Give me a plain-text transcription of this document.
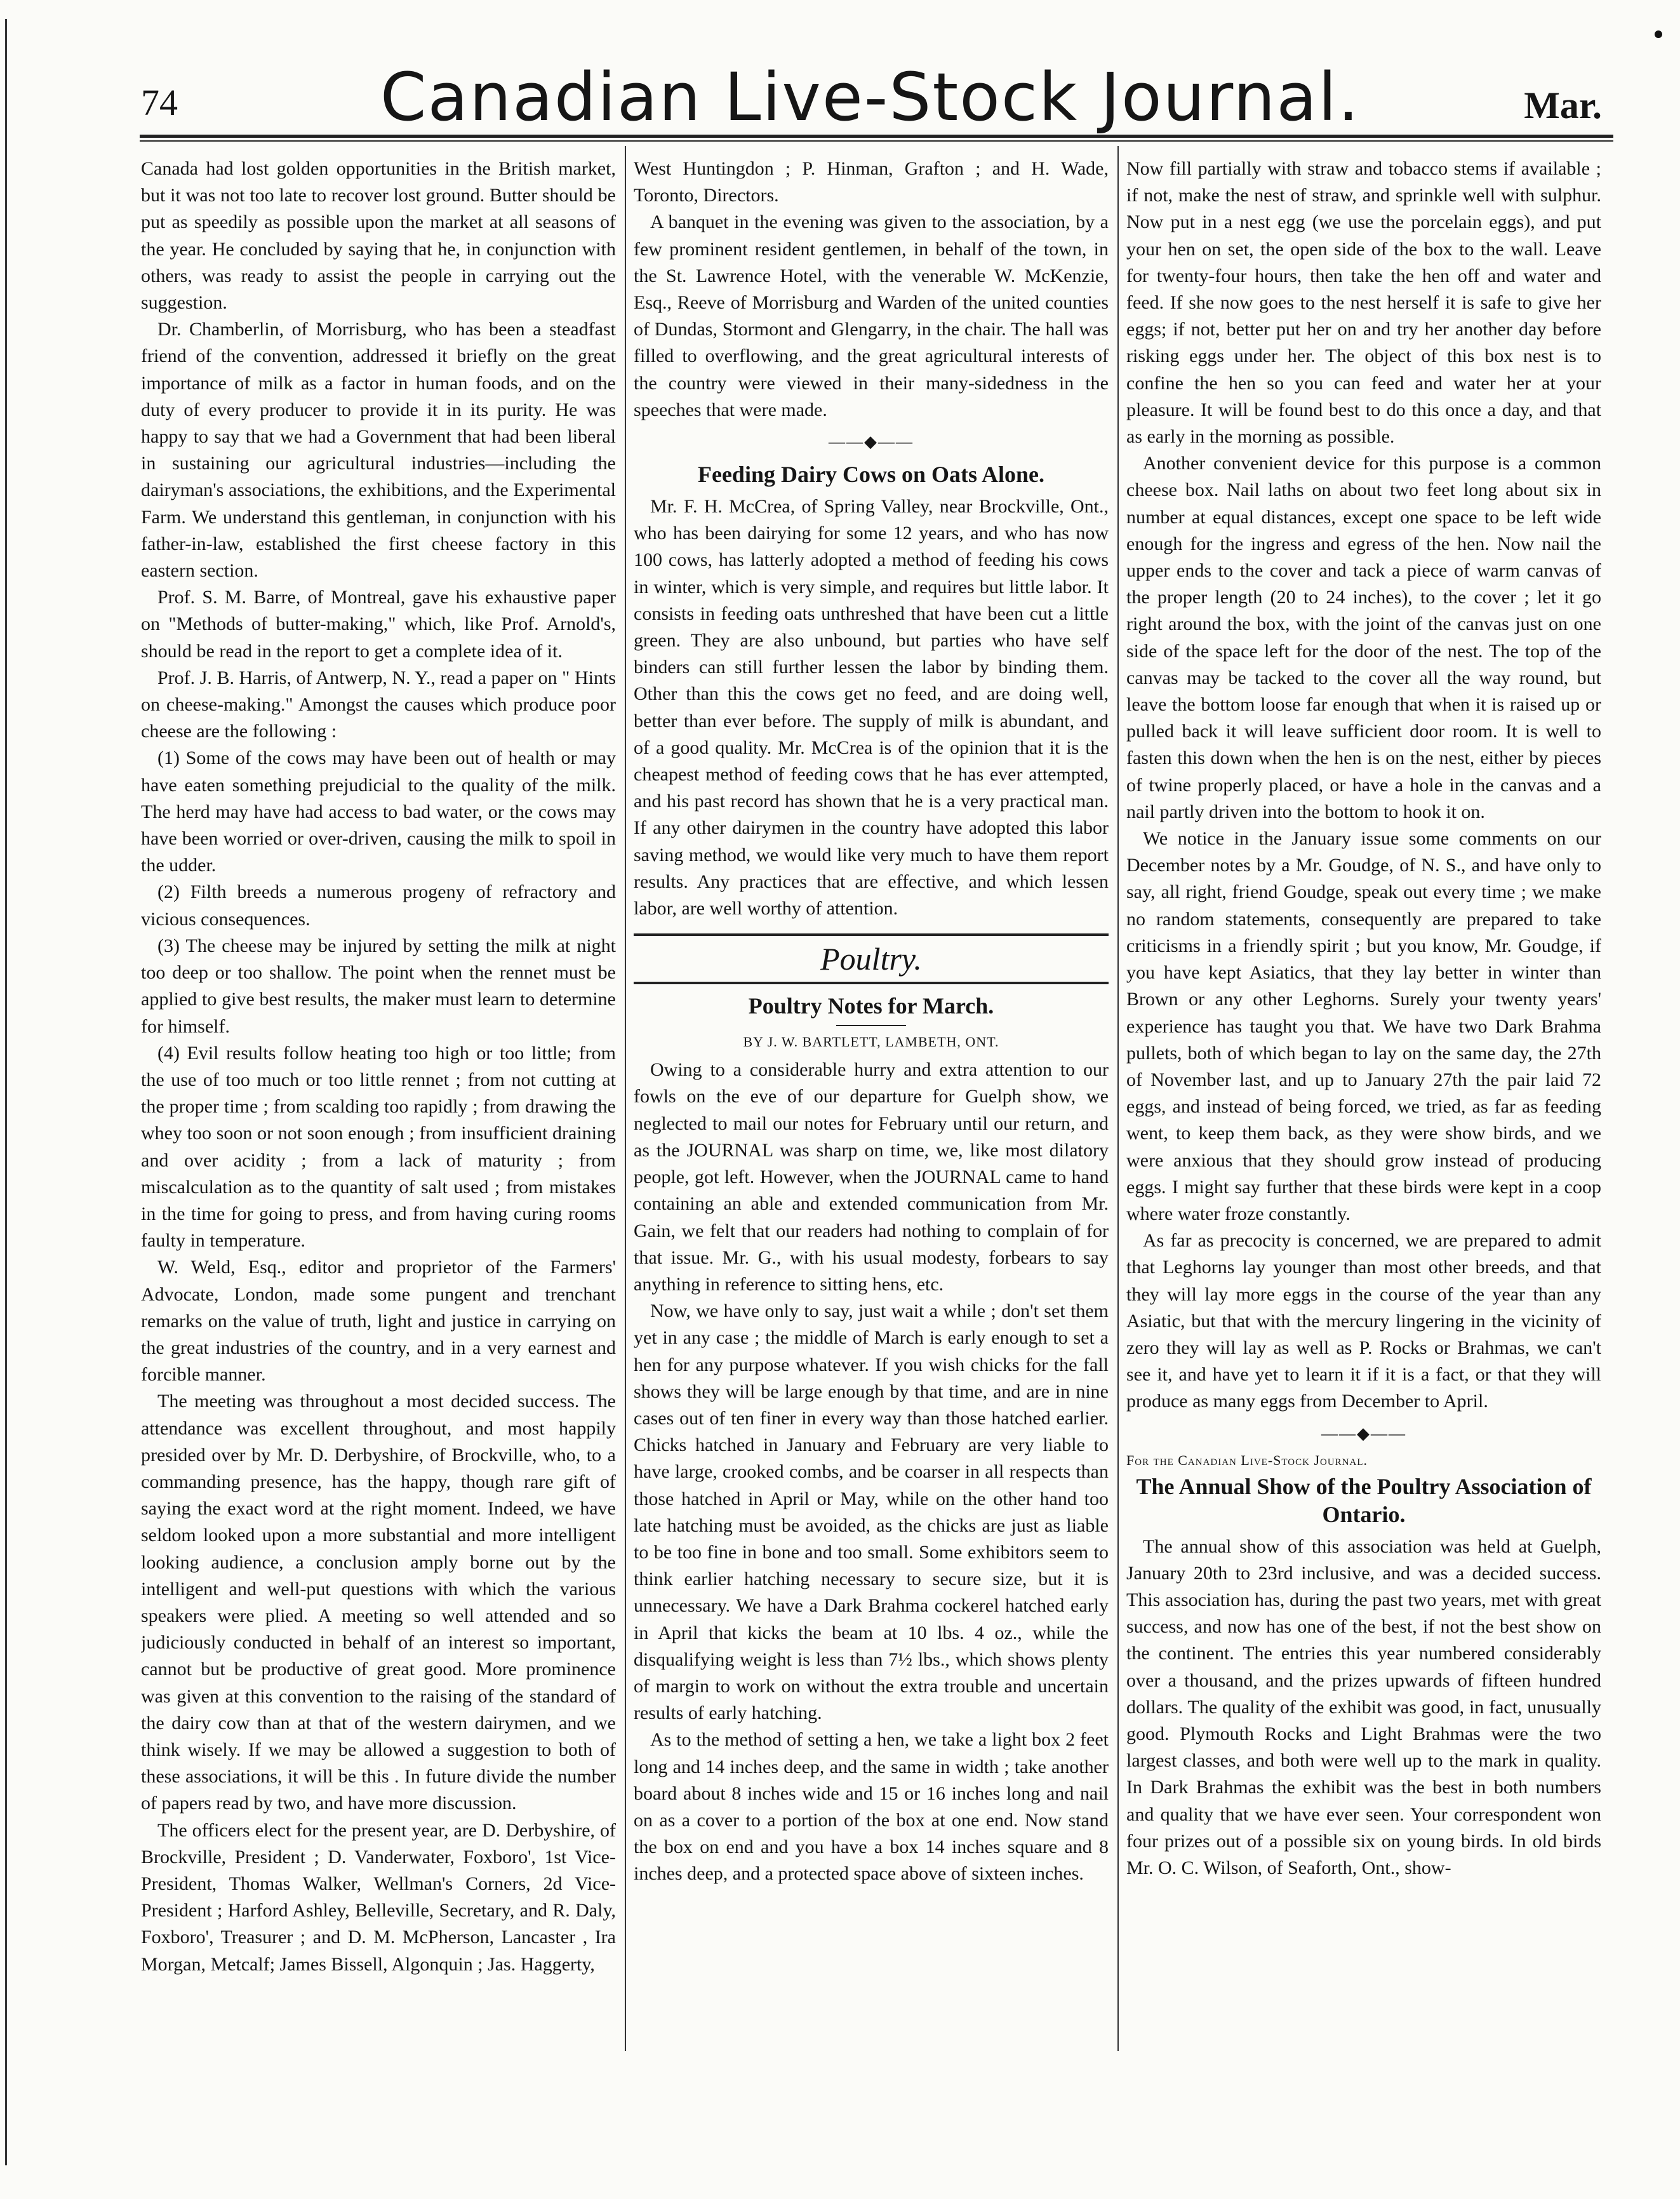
74	Canadian Live-Stock Journal.	Mar.

Canada had lost golden opportunities in the British market, but it was not too late to recover lost ground. Butter should be put as speedily as possible upon the market at all seasons of the year. He concluded by saying that he, in conjunction with others, was ready to assist the people in carrying out the suggestion.

Dr. Chamberlin, of Morrisburg, who has been a steadfast friend of the convention, addressed it briefly on the great importance of milk as a factor in human foods, and on the duty of every producer to provide it in its purity. He was happy to say that we had a Government that had been liberal in sustaining our agricultural industries—including the dairyman's associations, the exhibitions, and the Experimental Farm. We understand this gentleman, in conjunction with his father-in-law, established the first cheese factory in this eastern section.

Prof. S. M. Barre, of Montreal, gave his exhaustive paper on "Methods of butter-making," which, like Prof. Arnold's, should be read in the report to get a complete idea of it.

Prof. J. B. Harris, of Antwerp, N. Y., read a paper on " Hints on cheese-making." Amongst the causes which produce poor cheese are the following :

(1) Some of the cows may have been out of health or may have eaten something prejudicial to the quality of the milk. The herd may have had access to bad water, or the cows may have been worried or over-driven, causing the milk to spoil in the udder.

(2) Filth breeds a numerous progeny of refractory and vicious consequences.

(3) The cheese may be injured by setting the milk at night too deep or too shallow. The point when the rennet must be applied to give best results, the maker must learn to determine for himself.

(4) Evil results follow heating too high or too little; from the use of too much or too little rennet ; from not cutting at the proper time ; from scalding too rapidly ; from drawing the whey too soon or not soon enough ; from insufficient draining and over acidity ; from a lack of maturity ; from miscalculation as to the quantity of salt used ; from mistakes in the time for going to press, and from having curing rooms faulty in temperature.

W. Weld, Esq., editor and proprietor of the Farmers' Advocate, London, made some pungent and trenchant remarks on the value of truth, light and justice in carrying on the great industries of the country, and in a very earnest and forcible manner.

The meeting was throughout a most decided success. The attendance was excellent throughout, and most happily presided over by Mr. D. Derbyshire, of Brockville, who, to a commanding presence, has the happy, though rare gift of saying the exact word at the right moment. Indeed, we have seldom looked upon a more substantial and more intelligent looking audience, a conclusion amply borne out by the intelligent and well-put questions with which the various speakers were plied. A meeting so well attended and so judiciously conducted in behalf of an interest so important, cannot but be productive of great good. More prominence was given at this convention to the raising of the standard of the dairy cow than at that of the western dairymen, and we think wisely. If we may be allowed a suggestion to both of these associations, it will be this . In future divide the number of papers read by two, and have more discussion.

The officers elect for the present year, are D. Derbyshire, of Brockville, President ; D. Vanderwater, Foxboro', 1st Vice-President, Thomas Walker, Wellman's Corners, 2d Vice-President ; Harford Ashley, Belleville, Secretary, and R. Daly, Foxboro', Treasurer ; and D. M. McPherson, Lancaster , Ira Morgan, Metcalf; James Bissell, Algonquin ; Jas. Haggerty,

West Huntingdon ; P. Hinman, Grafton ; and H. Wade, Toronto, Directors.

A banquet in the evening was given to the association, by a few prominent resident gentlemen, in behalf of the town, in the St. Lawrence Hotel, with the venerable W. McKenzie, Esq., Reeve of Morrisburg and Warden of the united counties of Dundas, Stormont and Glengarry, in the chair. The hall was filled to overflowing, and the great agricultural interests of the country were viewed in their many-sidedness in the speeches that were made.

——◆——
Feeding Dairy Cows on Oats Alone.

Mr. F. H. McCrea, of Spring Valley, near Brockville, Ont., who has been dairying for some 12 years, and who has now 100 cows, has latterly adopted a method of feeding his cows in winter, which is very simple, and requires but little labor. It consists in feeding oats unthreshed that have been cut a little green. They are also unbound, but parties who have self binders can still further lessen the labor by binding them. Other than this the cows get no feed, and are doing well, better than ever before. The supply of milk is abundant, and of a good quality. Mr. McCrea is of the opinion that it is the cheapest method of feeding cows that he has ever attempted, and his past record has shown that he is a very practical man. If any other dairymen in the country have adopted this labor saving method, we would like very much to have them report results. Any practices that are effective, and which lessen labor, are well worthy of attention.

Poultry.
Poultry Notes for March.
BY J. W. BARTLETT, LAMBETH, ONT.

Owing to a considerable hurry and extra attention to our fowls on the eve of our departure for Guelph show, we neglected to mail our notes for February until our return, and as the JOURNAL was sharp on time, we, like most dilatory people, got left. However, when the JOURNAL came to hand containing an able and extended communication from Mr. Gain, we felt that our readers had nothing to complain of for that issue. Mr. G., with his usual modesty, forbears to say anything in reference to sitting hens, etc.

Now, we have only to say, just wait a while ; don't set them yet in any case ; the middle of March is early enough to set a hen for any purpose whatever. If you wish chicks for the fall shows they will be large enough by that time, and are in nine cases out of ten finer in every way than those hatched earlier. Chicks hatched in January and February are very liable to have large, crooked combs, and be coarser in all respects than those hatched in April or May, while on the other hand too late hatching must be avoided, as the chicks are just as liable to be too fine in bone and too small. Some exhibitors seem to think earlier hatching necessary to secure size, but it is unnecessary. We have a Dark Brahma cockerel hatched early in April that kicks the beam at 10 lbs. 4 oz., while the disqualifying weight is less than 7½ lbs., which shows plenty of margin to work on without the extra trouble and uncertain results of early hatching.

As to the method of setting a hen, we take a light box 2 feet long and 14 inches deep, and the same in width ; take another board about 8 inches wide and 15 or 16 inches long and nail on as a cover to a portion of the box at one end. Now stand the box on end and you have a box 14 inches square and 8 inches deep, and a protected space above of sixteen inches.

Now fill partially with straw and tobacco stems if available ; if not, make the nest of straw, and sprinkle well with sulphur. Now put in a nest egg (we use the porcelain eggs), and put your hen on set, the open side of the box to the wall. Leave for twenty-four hours, then take the hen off and water and feed. If she now goes to the nest herself it is safe to give her eggs; if not, better put her on and try her another day before risking eggs under her. The object of this box nest is to confine the hen so you can feed and water her at your pleasure. It will be found best to do this once a day, and that as early in the morning as possible.

Another convenient device for this purpose is a common cheese box. Nail laths on about two feet long about six in number at equal distances, except one space to be left wide enough for the ingress and egress of the hen. Now nail the upper ends to the cover and tack a piece of warm canvas of the proper length (20 to 24 inches), to the cover ; let it go right around the box, with the joint of the canvas just on one side of the space left for the door of the nest. The top of the canvas may be tacked to the cover all the way round, but leave the bottom loose far enough that when it is raised up or pulled back it will leave sufficient door room. It is well to fasten this down when the hen is on the nest, either by pieces of twine properly placed, or have a hole in the canvas and a nail partly driven into the bottom to hook it on.

We notice in the January issue some comments on our December notes by a Mr. Goudge, of N. S., and have only to say, all right, friend Goudge, speak out every time ; we make no random statements, consequently are prepared to take criticisms in a friendly spirit ; but you know, Mr. Goudge, if you have kept Asiatics, that they lay better in winter than Brown or any other Leghorns. Surely your twenty years' experience has taught you that. We have two Dark Brahma pullets, both of which began to lay on the same day, the 27th of November last, and up to January 27th the pair laid 72 eggs, and instead of being forced, we tried, as far as feeding went, to keep them back, as they were show birds, and we were anxious that they should grow instead of producing eggs. I might say further that these birds were kept in a coop where water froze constantly.

As far as precocity is concerned, we are prepared to admit that Leghorns lay younger than most other breeds, and that they will lay more eggs in the course of the year than any Asiatic, but that with the mercury lingering in the vicinity of zero they will lay as well as P. Rocks or Brahmas, we can't see it, and have yet to learn it if it is a fact, or that they will produce as many eggs from December to April.

——◆——
For the Canadian Live-Stock Journal.
The Annual Show of the Poultry Association of Ontario.

The annual show of this association was held at Guelph, January 20th to 23rd inclusive, and was a decided success. This association has, during the past two years, met with great success, and now has one of the best, if not the best show on the continent. The entries this year numbered considerably over a thousand, and the prizes upwards of fifteen hundred dollars. The quality of the exhibit was good, in fact, unusually good. Plymouth Rocks and Light Brahmas were the two largest classes, and both were well up to the mark in quality. In Dark Brahmas the exhibit was the best in both numbers and quality that we have ever seen. Your correspondent won four prizes out of a possible six on young birds. In old birds Mr. O. C. Wilson, of Seaforth, Ont., show-
